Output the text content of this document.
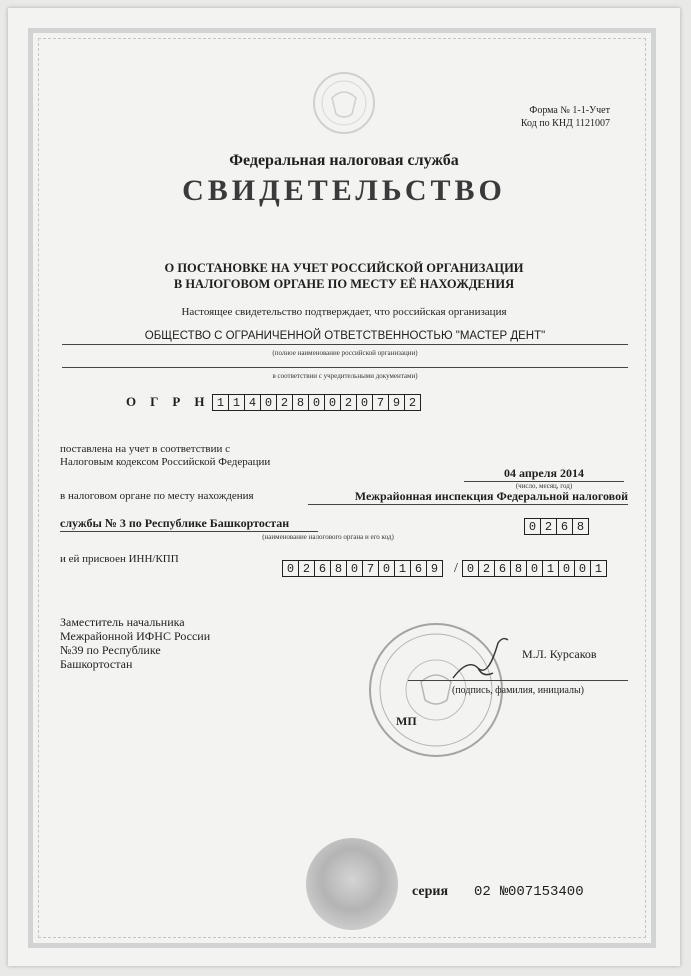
Форма № 1-1-Учет
Код по КНД 1121007
Федеральная налоговая служба
СВИДЕТЕЛЬСТВО
О ПОСТАНОВКЕ НА УЧЕТ РОССИЙСКОЙ ОРГАНИЗАЦИИ
В НАЛОГОВОМ ОРГАНЕ ПО МЕСТУ ЕЁ НАХОЖДЕНИЯ
Настоящее свидетельство подтверждает, что российская организация
ОБЩЕСТВО С ОГРАНИЧЕННОЙ ОТВЕТСТВЕННОСТЬЮ "МАСТЕР ДЕНТ"
(полное наименование российской организации)
в соответствии с учредительными документами)
ОГРН
1 1 4 0 2 8 0 0 2 0 7 9 2
поставлена на учет в соответствии с
Налоговым кодексом Российской Федерации
04 апреля 2014
(число, месяц, год)
в налоговом органе по месту нахождения	Межрайонная инспекция Федеральной налоговой
службы № 3 по Республике Башкортостан	0 2 6 8
(наименование налогового органа и его код)
и ей присвоен ИНН/КПП
0 2 6 8 0 7 0 1 6 9	/ 0 2 6 8 0 1 0 0 1
Заместитель начальника
Межрайонной ИФНС России
№39 по Республике
Башкортостан
М.Л. Курсаков
(подпись, фамилия, инициалы)
МП
серия 02 № 007153400
